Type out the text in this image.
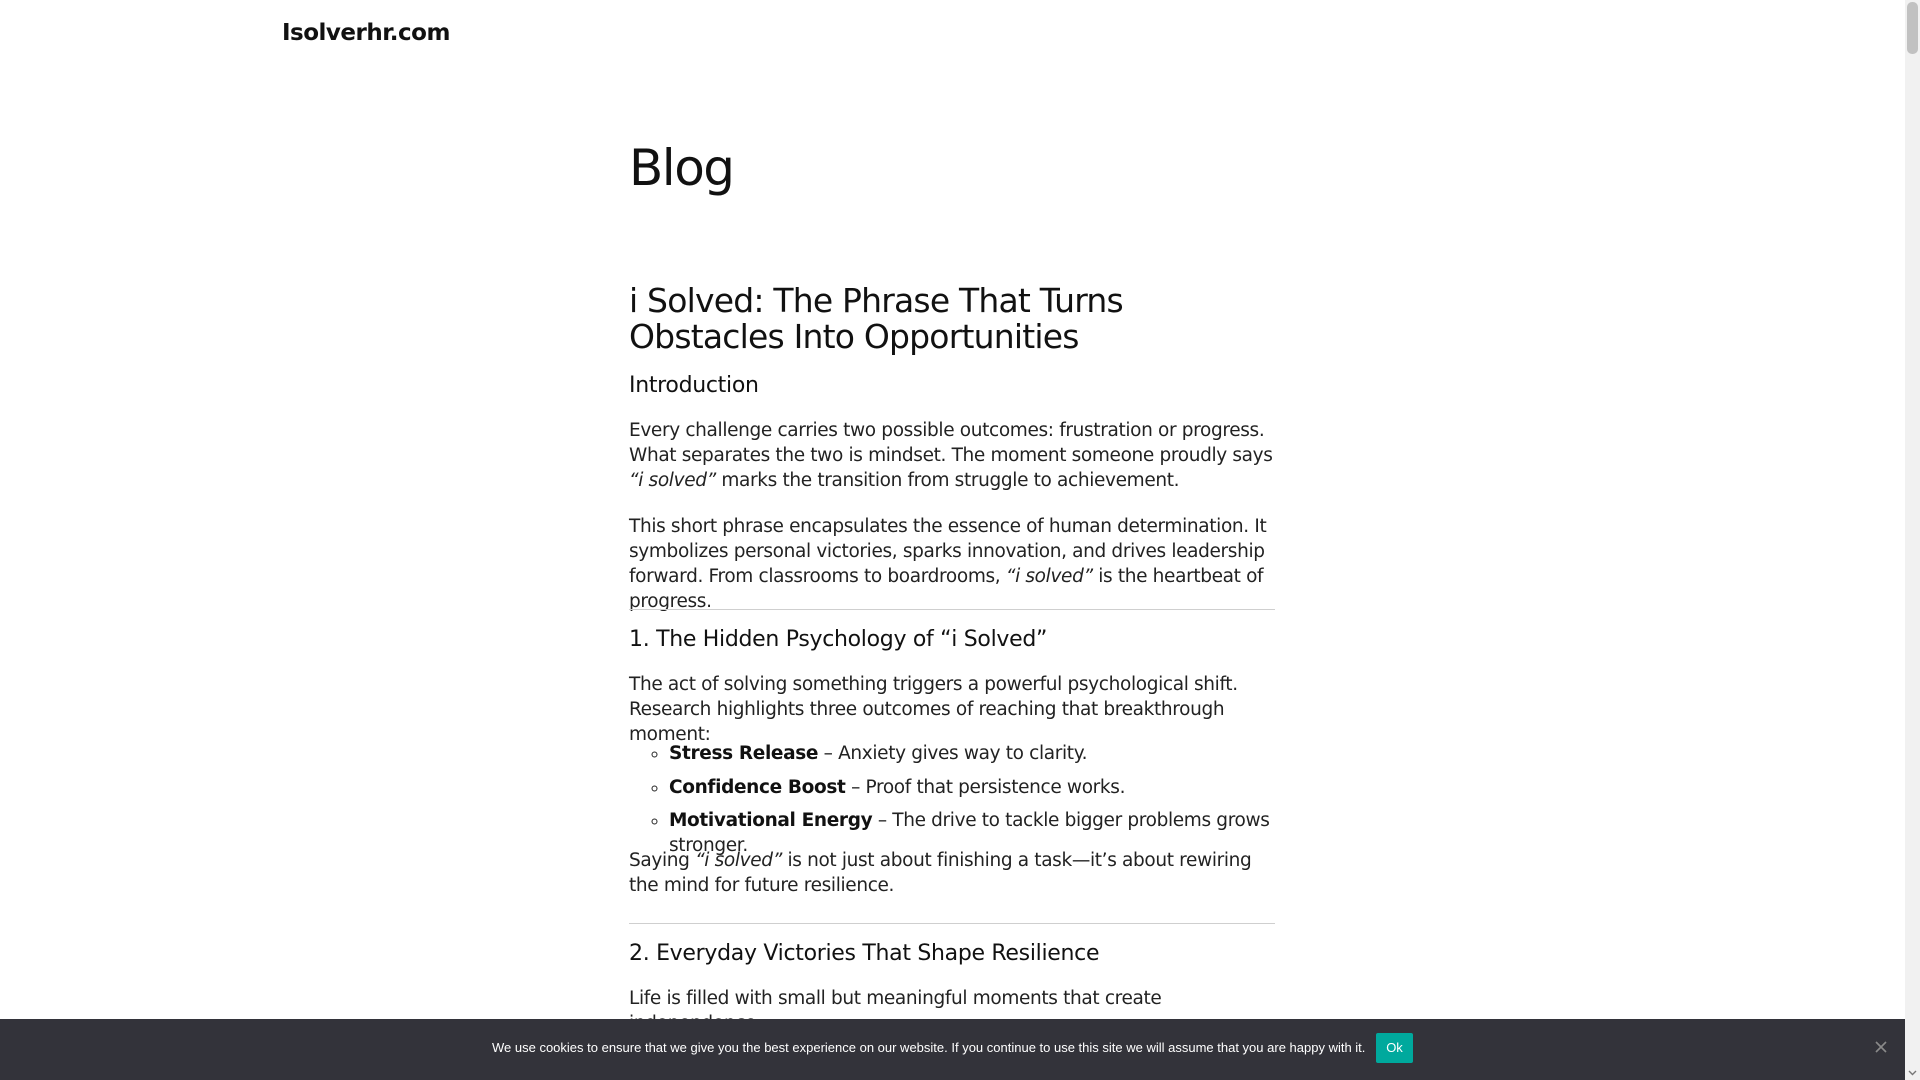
Isolverhr.com
Blog
i Solved: The Phrase That Turns Obstacles Into Opportunities
Introduction

Every challenge carries two possible outcomes: frustration or progress. What separates the two is mindset. The moment someone proudly says “i solved” marks the transition from struggle to achievement.

This short phrase encapsulates the essence of human determination. It symbolizes personal victories, sparks innovation, and drives leadership forward. From classrooms to boardrooms, “i solved” is the heartbeat of progress.

1. The Hidden Psychology of “i Solved”

The act of solving something triggers a powerful psychological shift. Research highlights three outcomes of reaching that breakthrough moment:

◦ Stress Release – Anxiety gives way to clarity.
◦ Confidence Boost – Proof that persistence works.
◦ Motivational Energy – The drive to tackle bigger problems grows stronger.

Saying “i solved” is not just about finishing a task—it’s about rewiring the mind for future resilience.

2. Everyday Victories That Shape Resilience

Life is filled with small but meaningful moments that create

We use cookies to ensure that we give you the best experience on our website. If you continue to use this site we will assume that you are happy with it.	Ok
